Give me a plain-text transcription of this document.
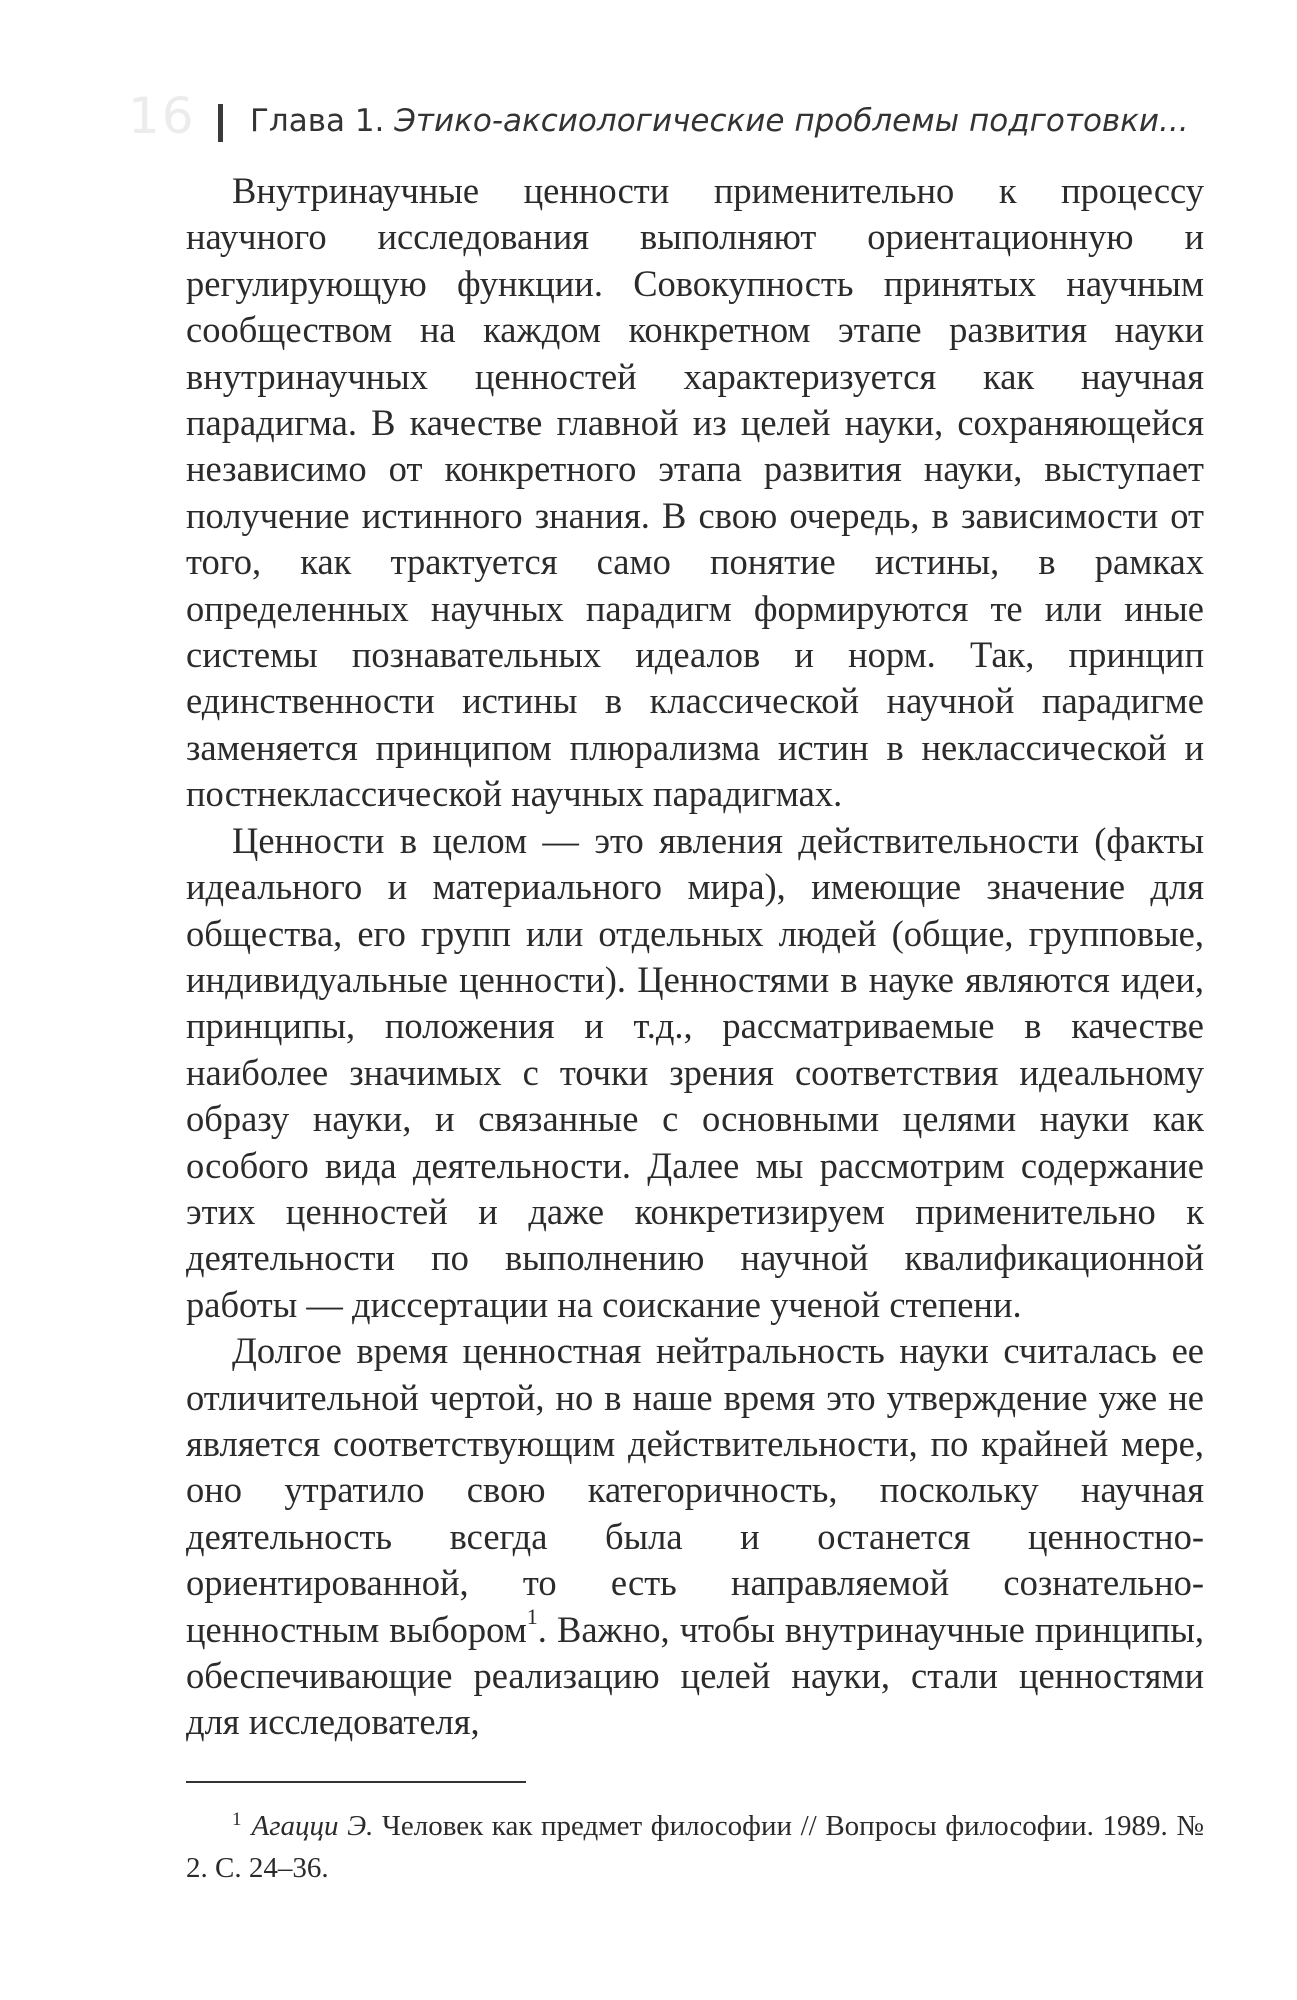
16 Глава 1. Этико-аксиологические проблемы подготовки...

Внутринаучные ценности применительно к процессу научного исследования выполняют ориентационную и регулирующую функции. Совокупность принятых научным сообществом на каждом конкретном этапе развития науки внутринаучных ценностей характеризуется как научная парадигма. В качестве главной из целей науки, сохраняющейся независимо от конкретного этапа развития науки, выступает получение истинного знания. В свою очередь, в зависимости от того, как трактуется само понятие истины, в рамках определенных научных парадигм формируются те или иные системы познавательных идеалов и норм. Так, принцип единственности истины в классической научной парадигме заменяется принципом плюрализма истин в неклассической и постнеклассической научных парадигмах.

Ценности в целом — это явления действительности (факты идеального и материального мира), имеющие значение для общества, его групп или отдельных людей (общие, групповые, индивидуальные ценности). Ценностями в науке являются идеи, принципы, положения и т.д., рассматриваемые в качестве наиболее значимых с точки зрения соответствия идеальному образу науки, и связанные с основными целями науки как особого вида деятельности. Далее мы рассмотрим содержание этих ценностей и даже конкретизируем применительно к деятельности по выполнению научной квалификационной работы — диссертации на соискание ученой степени.

Долгое время ценностная нейтральность науки считалась ее отличительной чертой, но в наше время это утверждение уже не является соответствующим действительности, по крайней мере, оно утратило свою категоричность, поскольку научная деятельность всегда была и останется ценностно-ориентированной, то есть направляемой сознательно-ценностным выбором$^1$. Важно, чтобы внутринаучные принципы, обеспечивающие реализацию целей науки, стали ценностями для исследователя,

$^1$ Агацци Э. Человек как предмет философии // Вопросы философии. 1989. № 2. С. 24–36.
